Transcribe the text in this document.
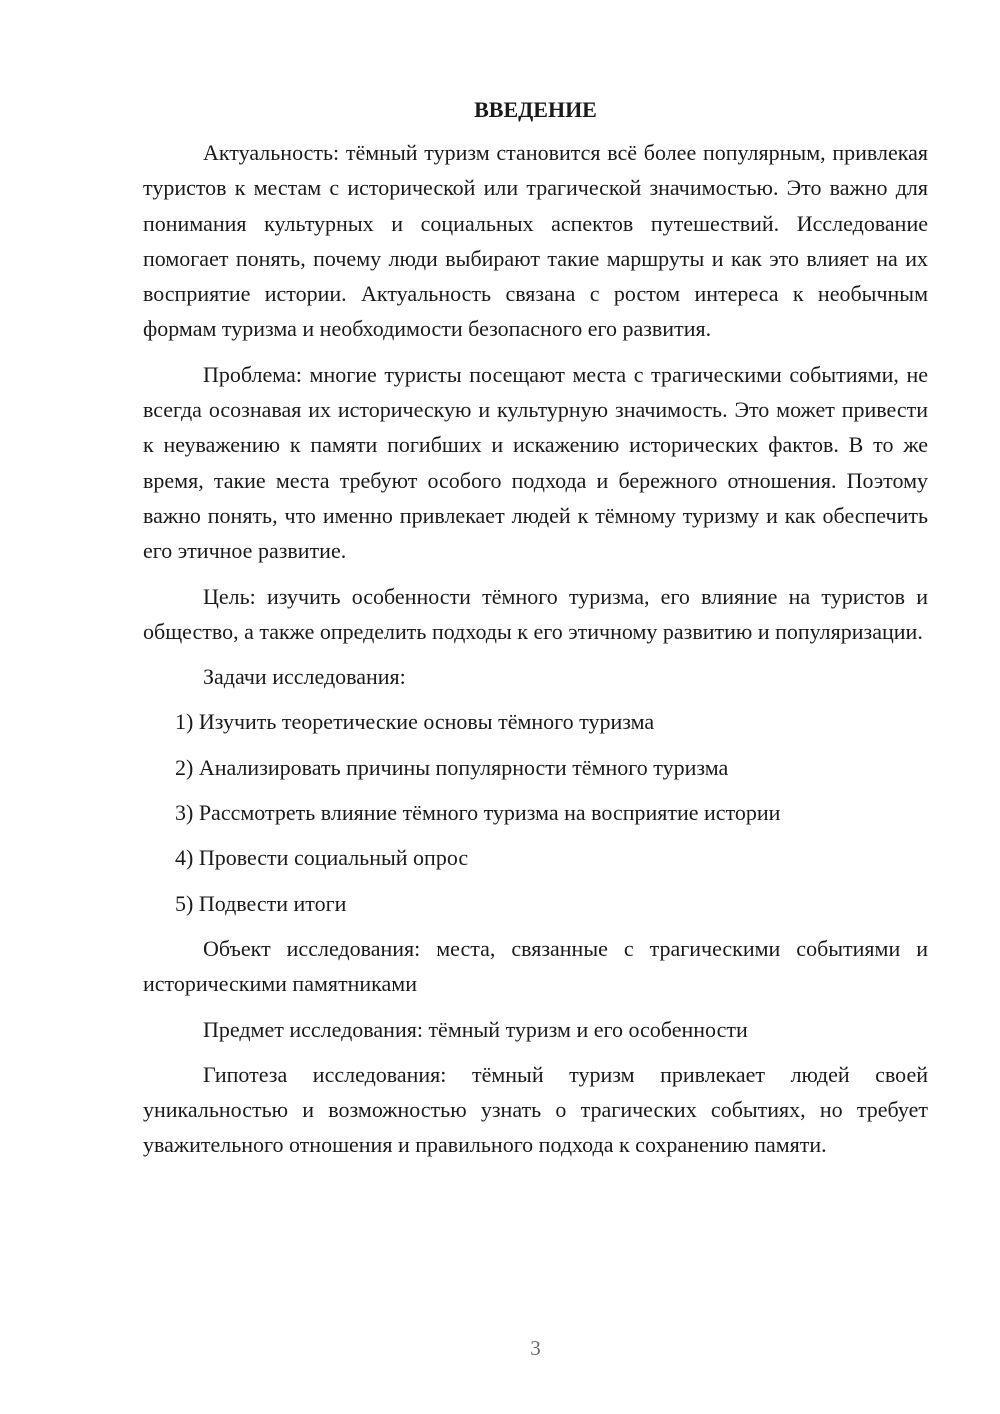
ВВЕДЕНИЕ

Актуальность: тёмный туризм становится всё более популярным, привлекая туристов к местам с исторической или трагической значимостью. Это важно для понимания культурных и социальных аспектов путешествий. Исследование помогает понять, почему люди выбирают такие маршруты и как это влияет на их восприятие истории. Актуальность связана с ростом интереса к необычным формам туризма и необходимости безопасного его развития.

Проблема: многие туристы посещают места с трагическими событиями, не всегда осознавая их историческую и культурную значимость. Это может привести к неуважению к памяти погибших и искажению исторических фактов. В то же время, такие места требуют особого подхода и бережного отношения. Поэтому важно понять, что именно привлекает людей к тёмному туризму и как обеспечить его этичное развитие.

Цель: изучить особенности тёмного туризма, его влияние на туристов и общество, а также определить подходы к его этичному развитию и популяризации.

Задачи исследования:

1) Изучить теоретические основы тёмного туризма
2) Анализировать причины популярности тёмного туризма
3) Рассмотреть влияние тёмного туризма на восприятие истории
4) Провести социальный опрос
5) Подвести итоги

Объект исследования: места, связанные с трагическими событиями и историческими памятниками

Предмет исследования: тёмный туризм и его особенности

Гипотеза исследования: тёмный туризм привлекает людей своей уникальностью и возможностью узнать о трагических событиях, но требует уважительного отношения и правильного подхода к сохранению памяти.

3
